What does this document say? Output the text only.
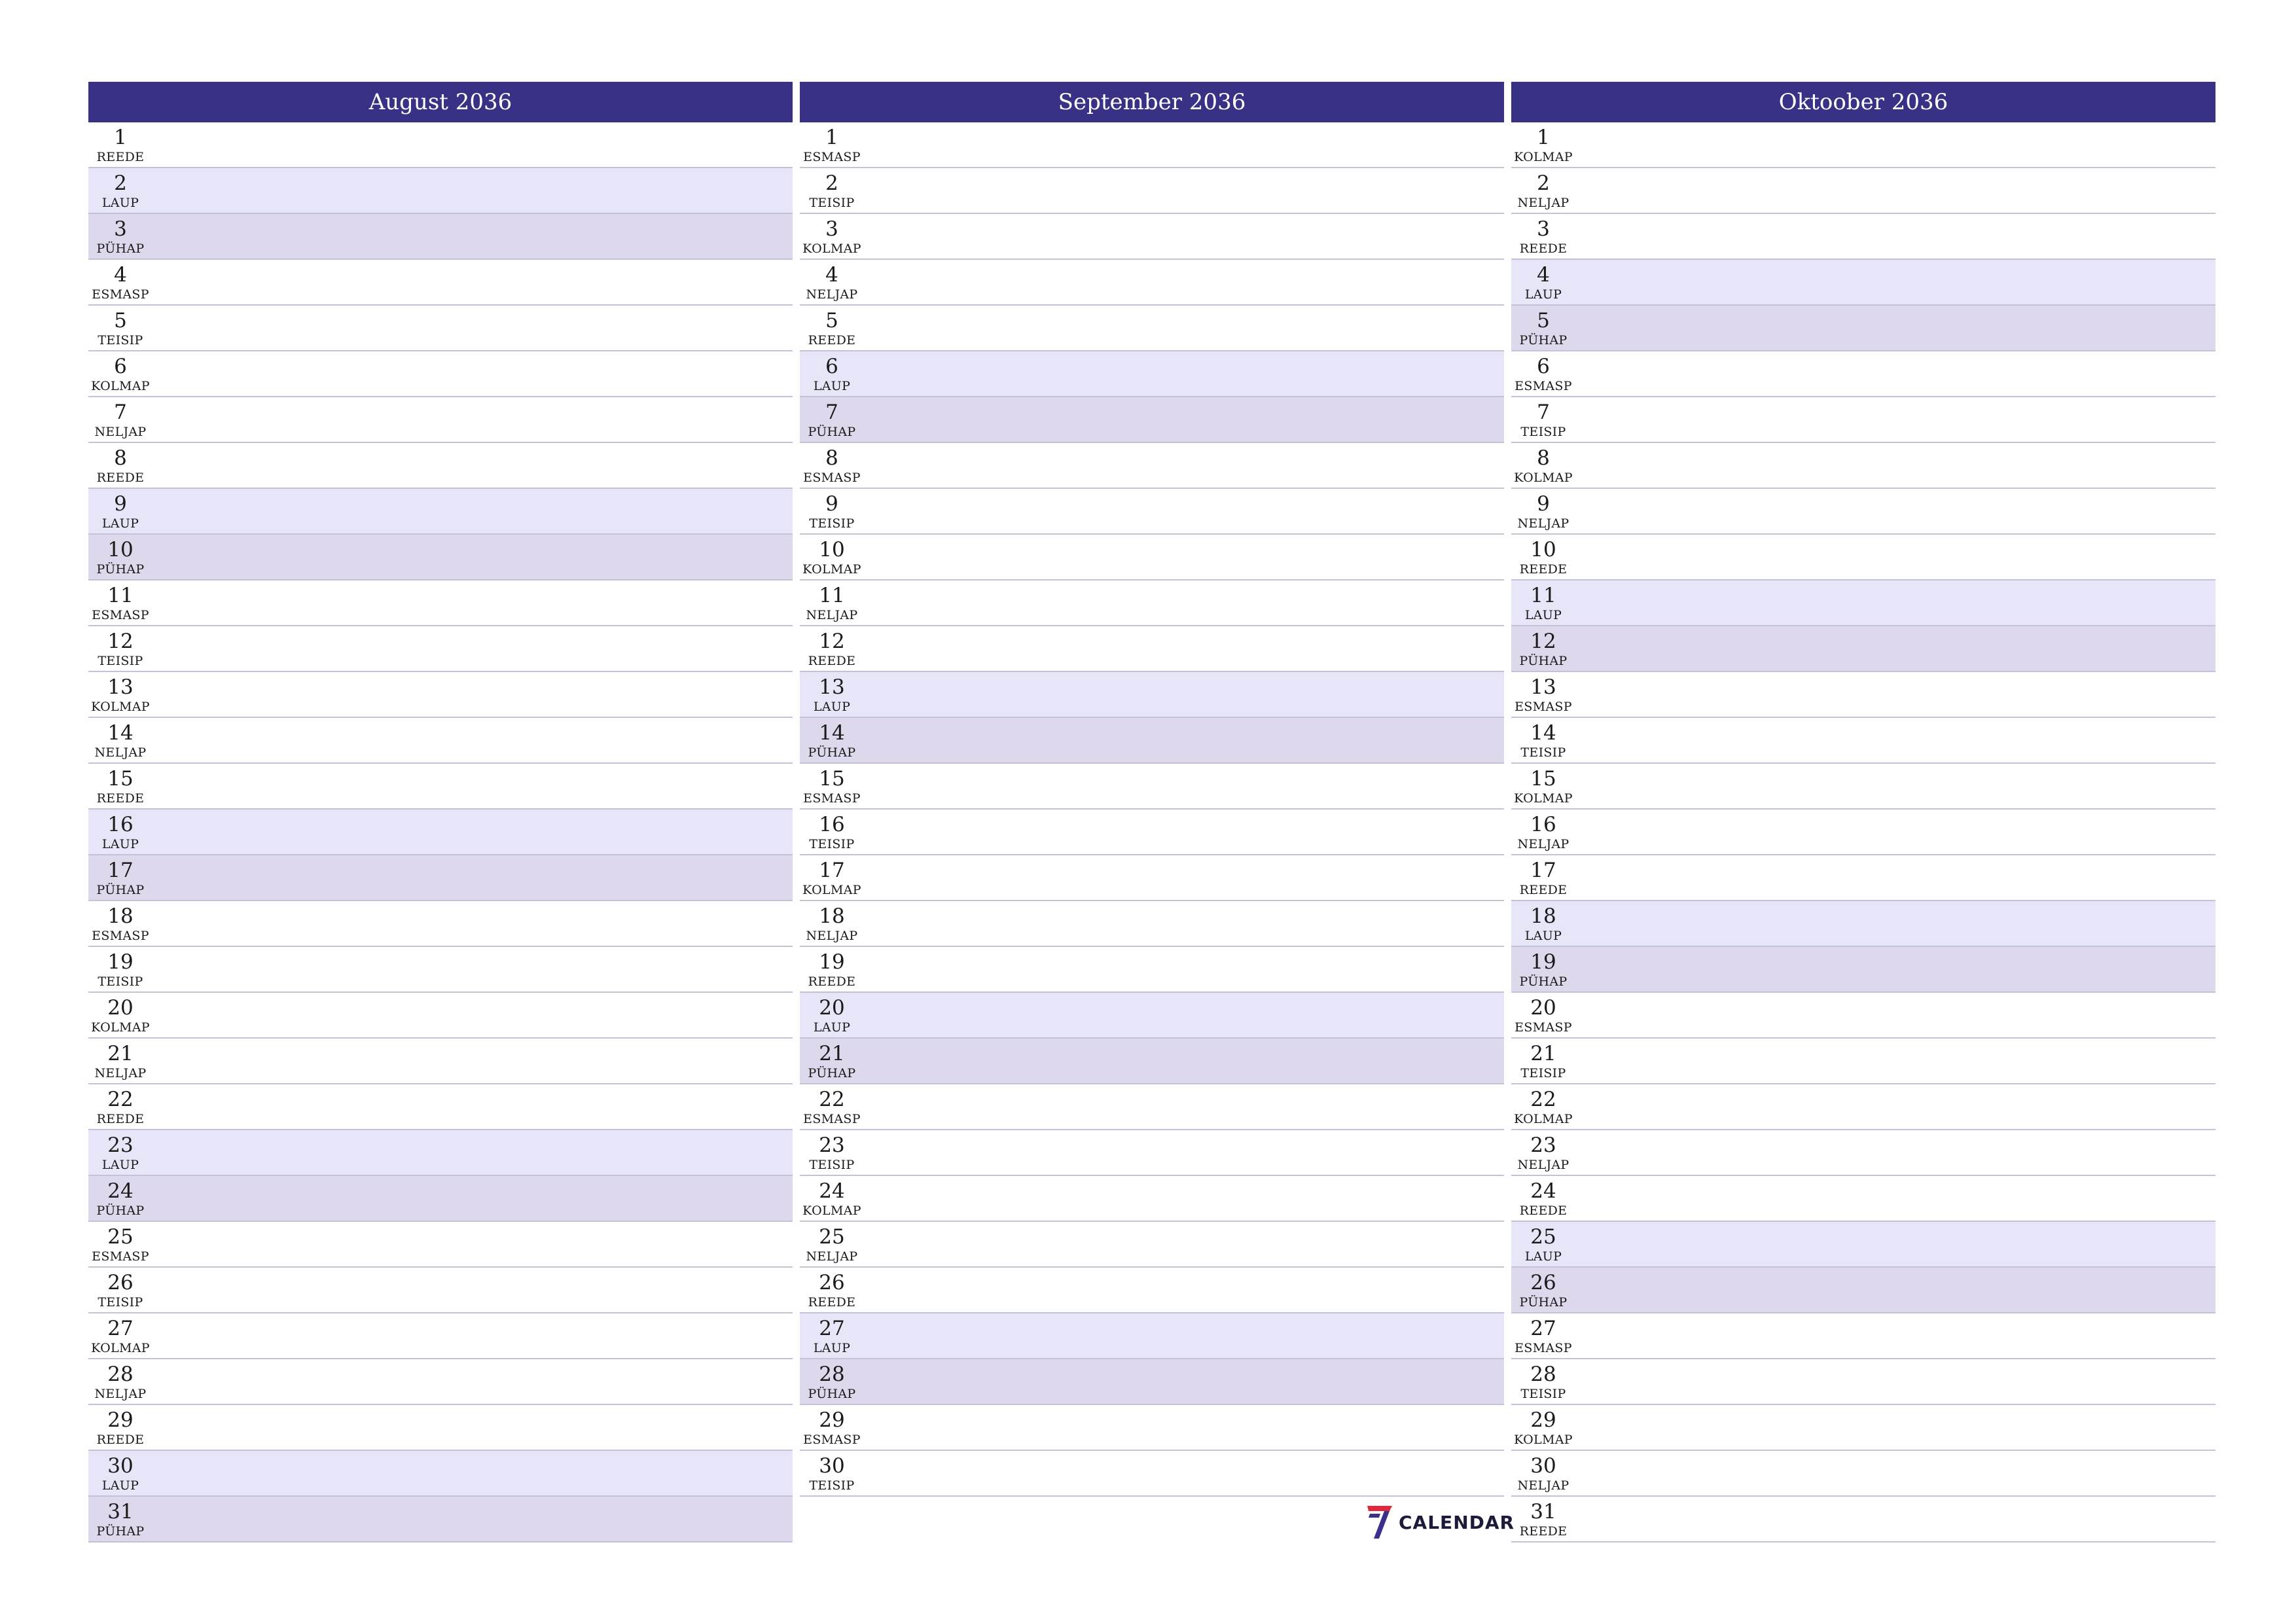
August 2036
1
REEDE
2
LAUP
3
PÜHAP
4
ESMASP
5
TEISIP
6
KOLMAP
7
NELJAP
8
REEDE
9
LAUP
10
PÜHAP
11
ESMASP
12
TEISIP
13
KOLMAP
14
NELJAP
15
REEDE
16
LAUP
17
PÜHAP
18
ESMASP
19
TEISIP
20
KOLMAP
21
NELJAP
22
REEDE
23
LAUP
24
PÜHAP
25
ESMASP
26
TEISIP
27
KOLMAP
28
NELJAP
29
REEDE
30
LAUP
31
PÜHAP
September 2036
1
ESMASP
2
TEISIP
3
KOLMAP
4
NELJAP
5
REEDE
6
LAUP
7
PÜHAP
8
ESMASP
9
TEISIP
10
KOLMAP
11
NELJAP
12
REEDE
13
LAUP
14
PÜHAP
15
ESMASP
16
TEISIP
17
KOLMAP
18
NELJAP
19
REEDE
20
LAUP
21
PÜHAP
22
ESMASP
23
TEISIP
24
KOLMAP
25
NELJAP
26
REEDE
27
LAUP
28
PÜHAP
29
ESMASP
30
TEISIP
Oktoober 2036
1
KOLMAP
2
NELJAP
3
REEDE
4
LAUP
5
PÜHAP
6
ESMASP
7
TEISIP
8
KOLMAP
9
NELJAP
10
REEDE
11
LAUP
12
PÜHAP
13
ESMASP
14
TEISIP
15
KOLMAP
16
NELJAP
17
REEDE
18
LAUP
19
PÜHAP
20
ESMASP
21
TEISIP
22
KOLMAP
23
NELJAP
24
REEDE
25
LAUP
26
PÜHAP
27
ESMASP
28
TEISIP
29
KOLMAP
30
NELJAP
31
REEDE
CALENDAR
